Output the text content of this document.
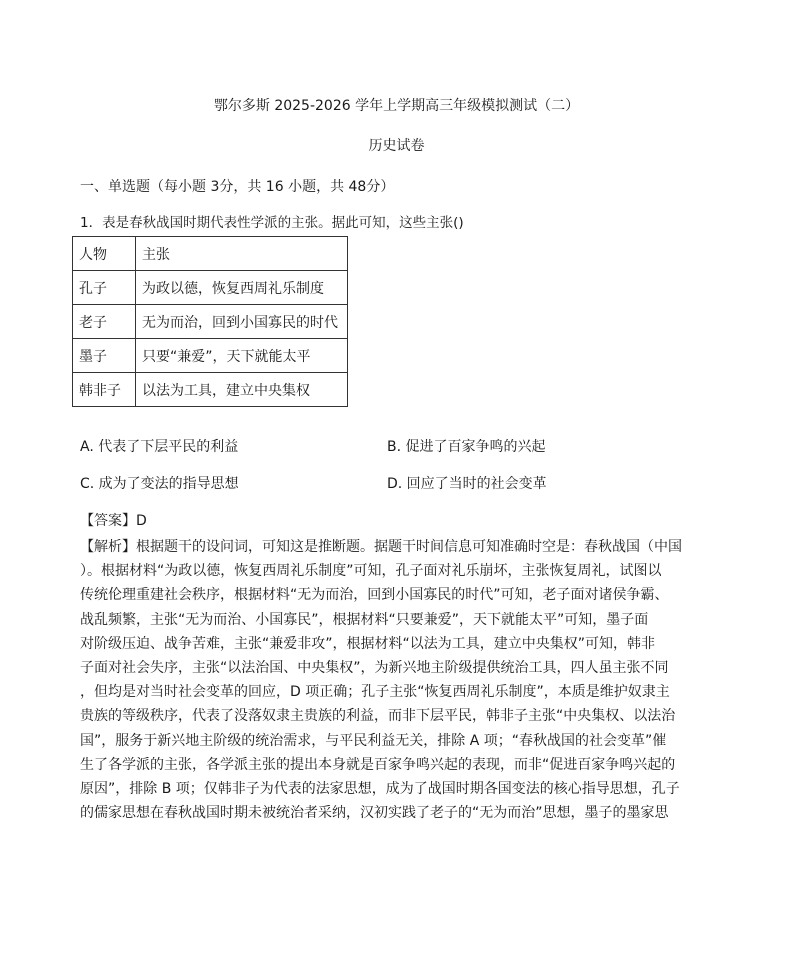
鄂尔多斯 2025-2026 学年上学期高三年级模拟测试（二）
历史试卷
一、单选题（每小题 3分，共 16 小题，共 48分）
1．表是春秋战国时期代表性学派的主张。据此可知，这些主张()
人物	主张
孔子	为政以德，恢复西周礼乐制度
老子	无为而治，回到小国寡民的时代
墨子	只要“兼爱”，天下就能太平
韩非子	以法为工具，建立中央集权
A. 代表了下层平民的利益	B. 促进了百家争鸣的兴起
C. 成为了变法的指导思想	D. 回应了当时的社会变革
【答案】D
【解析】根据题干的设问词，可知这是推断题。据题干时间信息可知准确时空是：春秋战国（中国
）。根据材料“为政以德，恢复西周礼乐制度”可知，孔子面对礼乐崩坏，主张恢复周礼，试图以
传统伦理重建社会秩序，根据材料“无为而治，回到小国寡民的时代”可知，老子面对诸侯争霸、
战乱频繁，主张“无为而治、小国寡民”，根据材料“只要兼爱”，天下就能太平”可知，墨子面
对阶级压迫、战争苦难，主张“兼爱非攻”，根据材料“以法为工具，建立中央集权”可知，韩非
子面对社会失序，主张“以法治国、中央集权”，为新兴地主阶级提供统治工具，四人虽主张不同
，但均是对当时社会变革的回应，D 项正确；孔子主张“恢复西周礼乐制度”，本质是维护奴隶主
贵族的等级秩序，代表了没落奴隶主贵族的利益，而非下层平民，韩非子主张“中央集权、以法治
国”，服务于新兴地主阶级的统治需求，与平民利益无关，排除 A 项；“春秋战国的社会变革”催
生了各学派的主张，各学派主张的提出本身就是百家争鸣兴起的表现，而非“促进百家争鸣兴起的
原因”，排除 B 项；仅韩非子为代表的法家思想，成为了战国时期各国变法的核心指导思想，孔子
的儒家思想在春秋战国时期未被统治者采纳，汉初实践了老子的“无为而治”思想，墨子的墨家思
